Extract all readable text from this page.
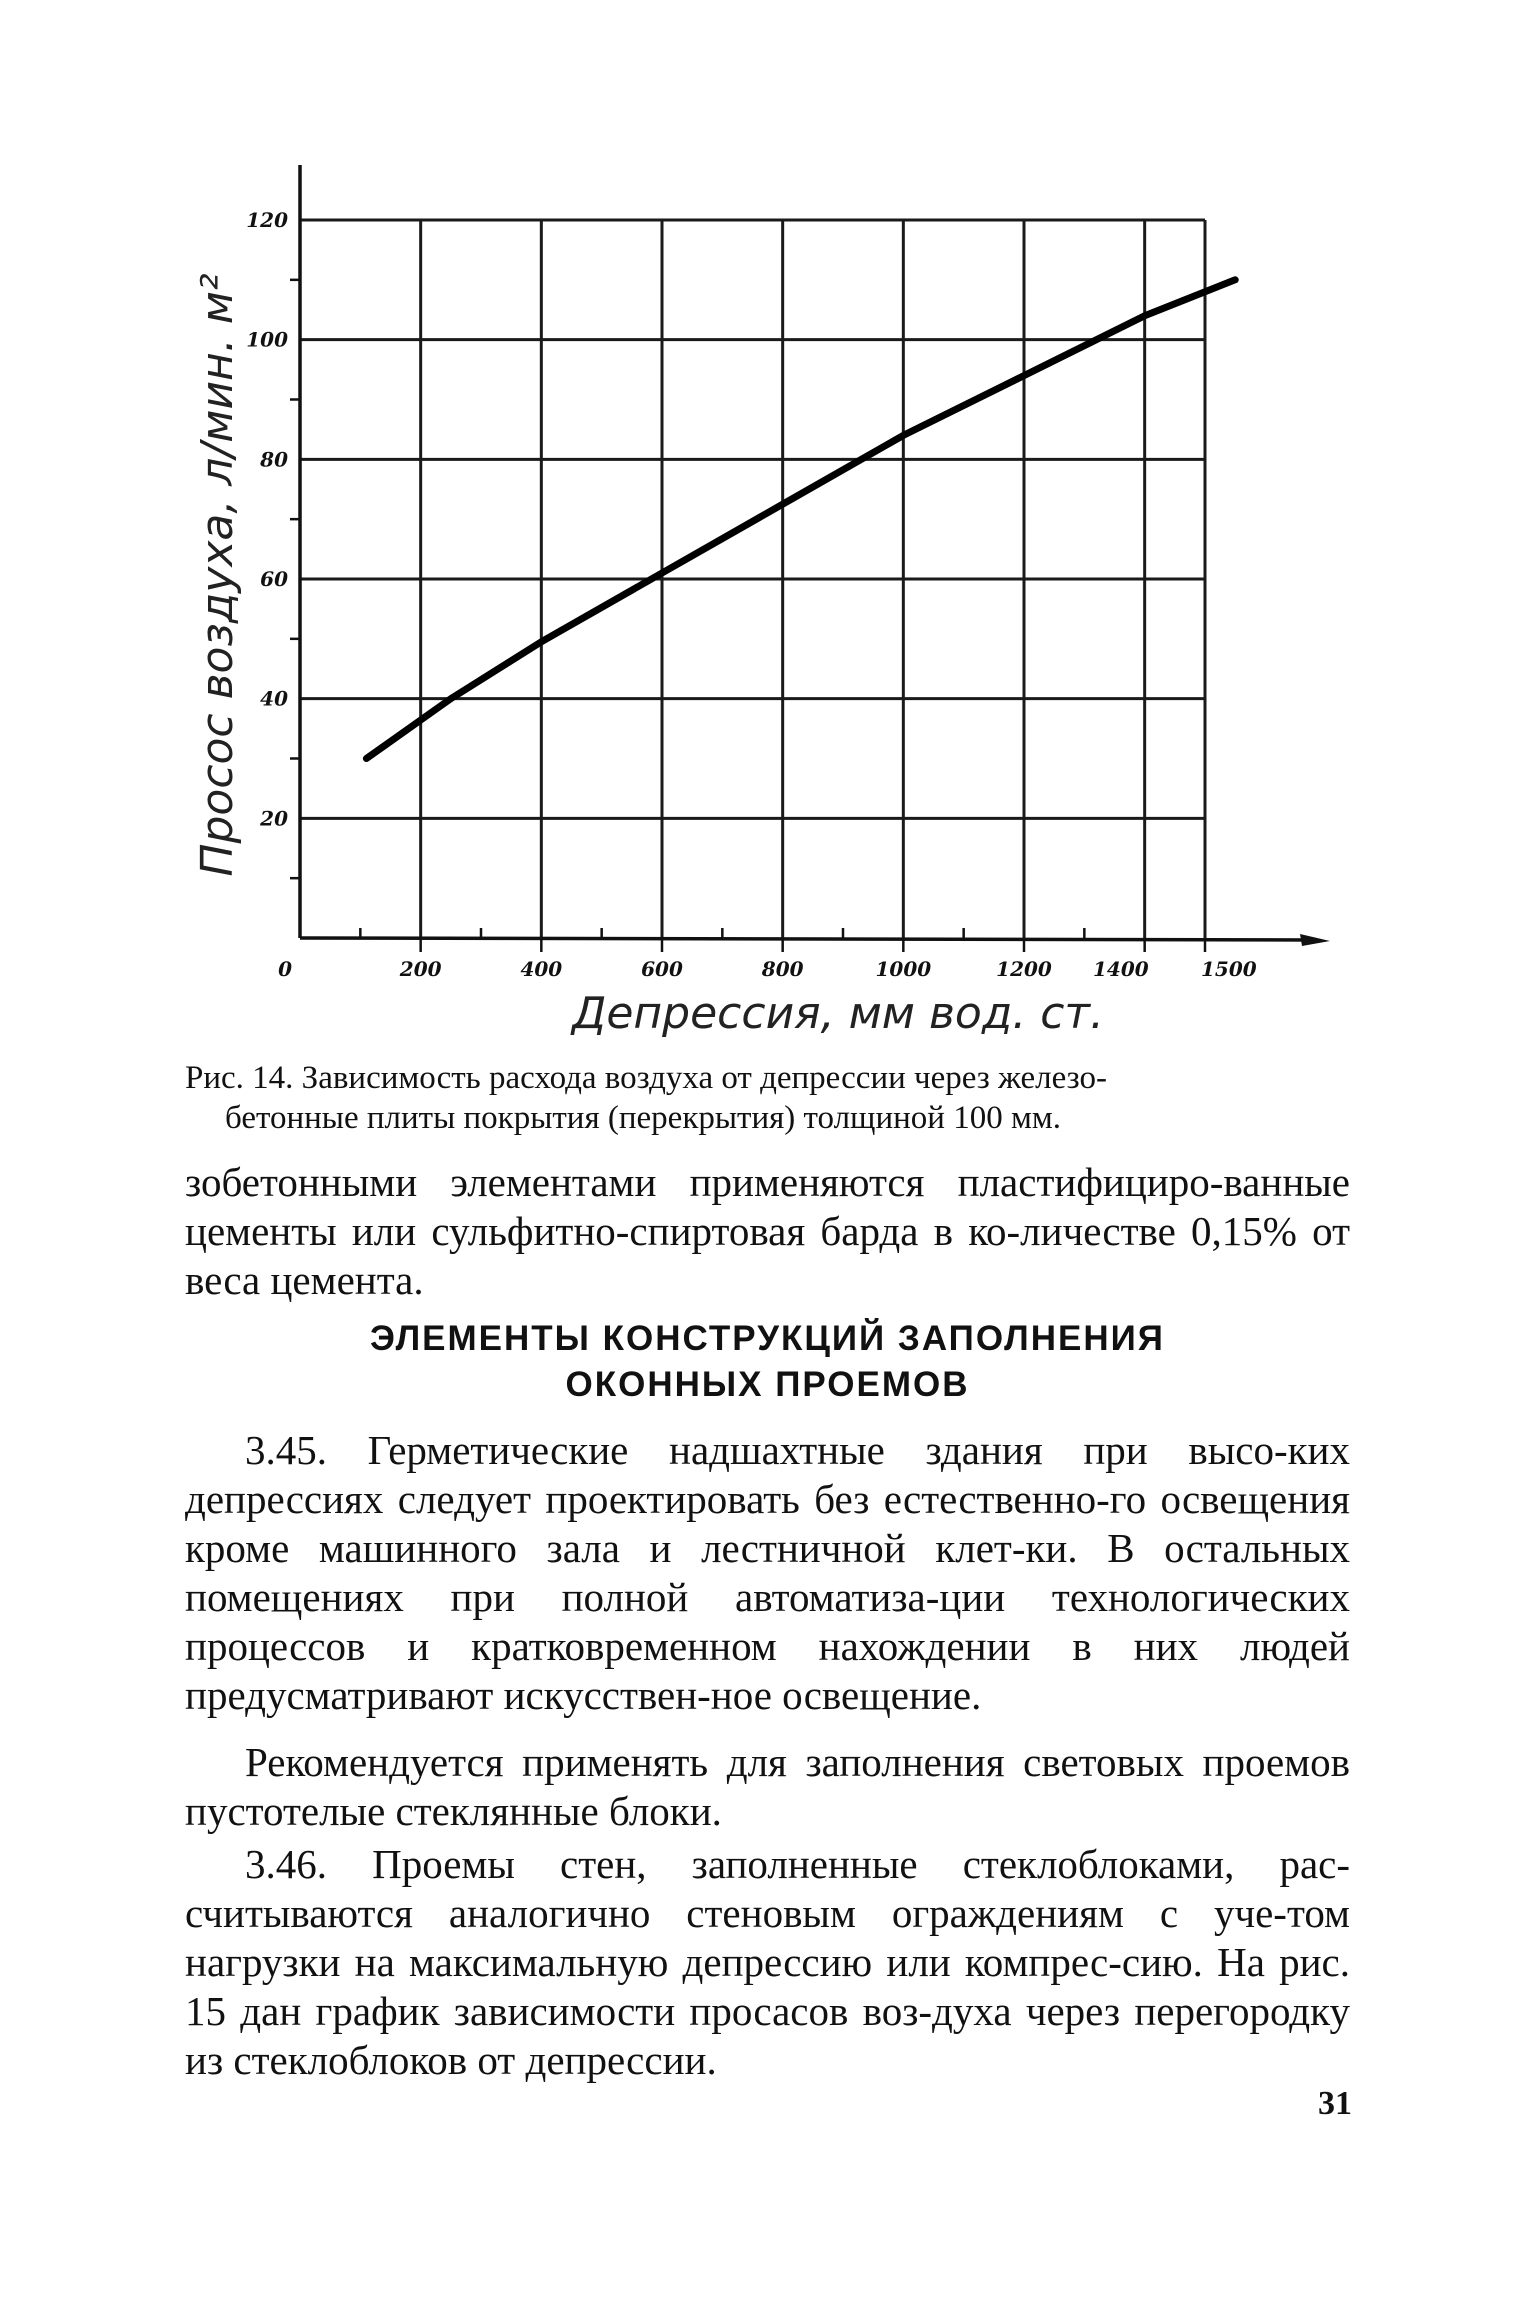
20
40
60
80
100
120
0	200	400	600	800	1000	1200 1400	1500
Просос воздуха, л/мин. м²
Депрессия, мм вод. ст.
Рис. 14. Зависимость расхода воздуха от депрессии через железо-
бетонные плиты покрытия (перекрытия) толщиной 100 мм.

зобетонными элементами применяются пластифициро-ванные цементы или сульфитно-спиртовая барда в ко-личестве 0,15% от веса цемента.

ЭЛЕМЕНТЫ КОНСТРУКЦИЙ ЗАПОЛНЕНИЯ
ОКОННЫХ ПРОЕМОВ

3.45. Герметические надшахтные здания при высо-ких депрессиях следует проектировать без естественно-го освещения кроме машинного зала и лестничной клет-ки. В остальных помещениях при полной автоматиза-ции технологических процессов и кратковременном нахождении в них людей предусматривают искусствен-ное освещение.

Рекомендуется применять для заполнения световых проемов пустотелые стеклянные блоки.

3.46. Проемы стен, заполненные стеклоблоками, рас-считываются аналогично стеновым ограждениям с уче-том нагрузки на максимальную депрессию или компрес-сию. На рис. 15 дан график зависимости просасов воз-духа через перегородку из стеклоблоков от депрессии.

31
